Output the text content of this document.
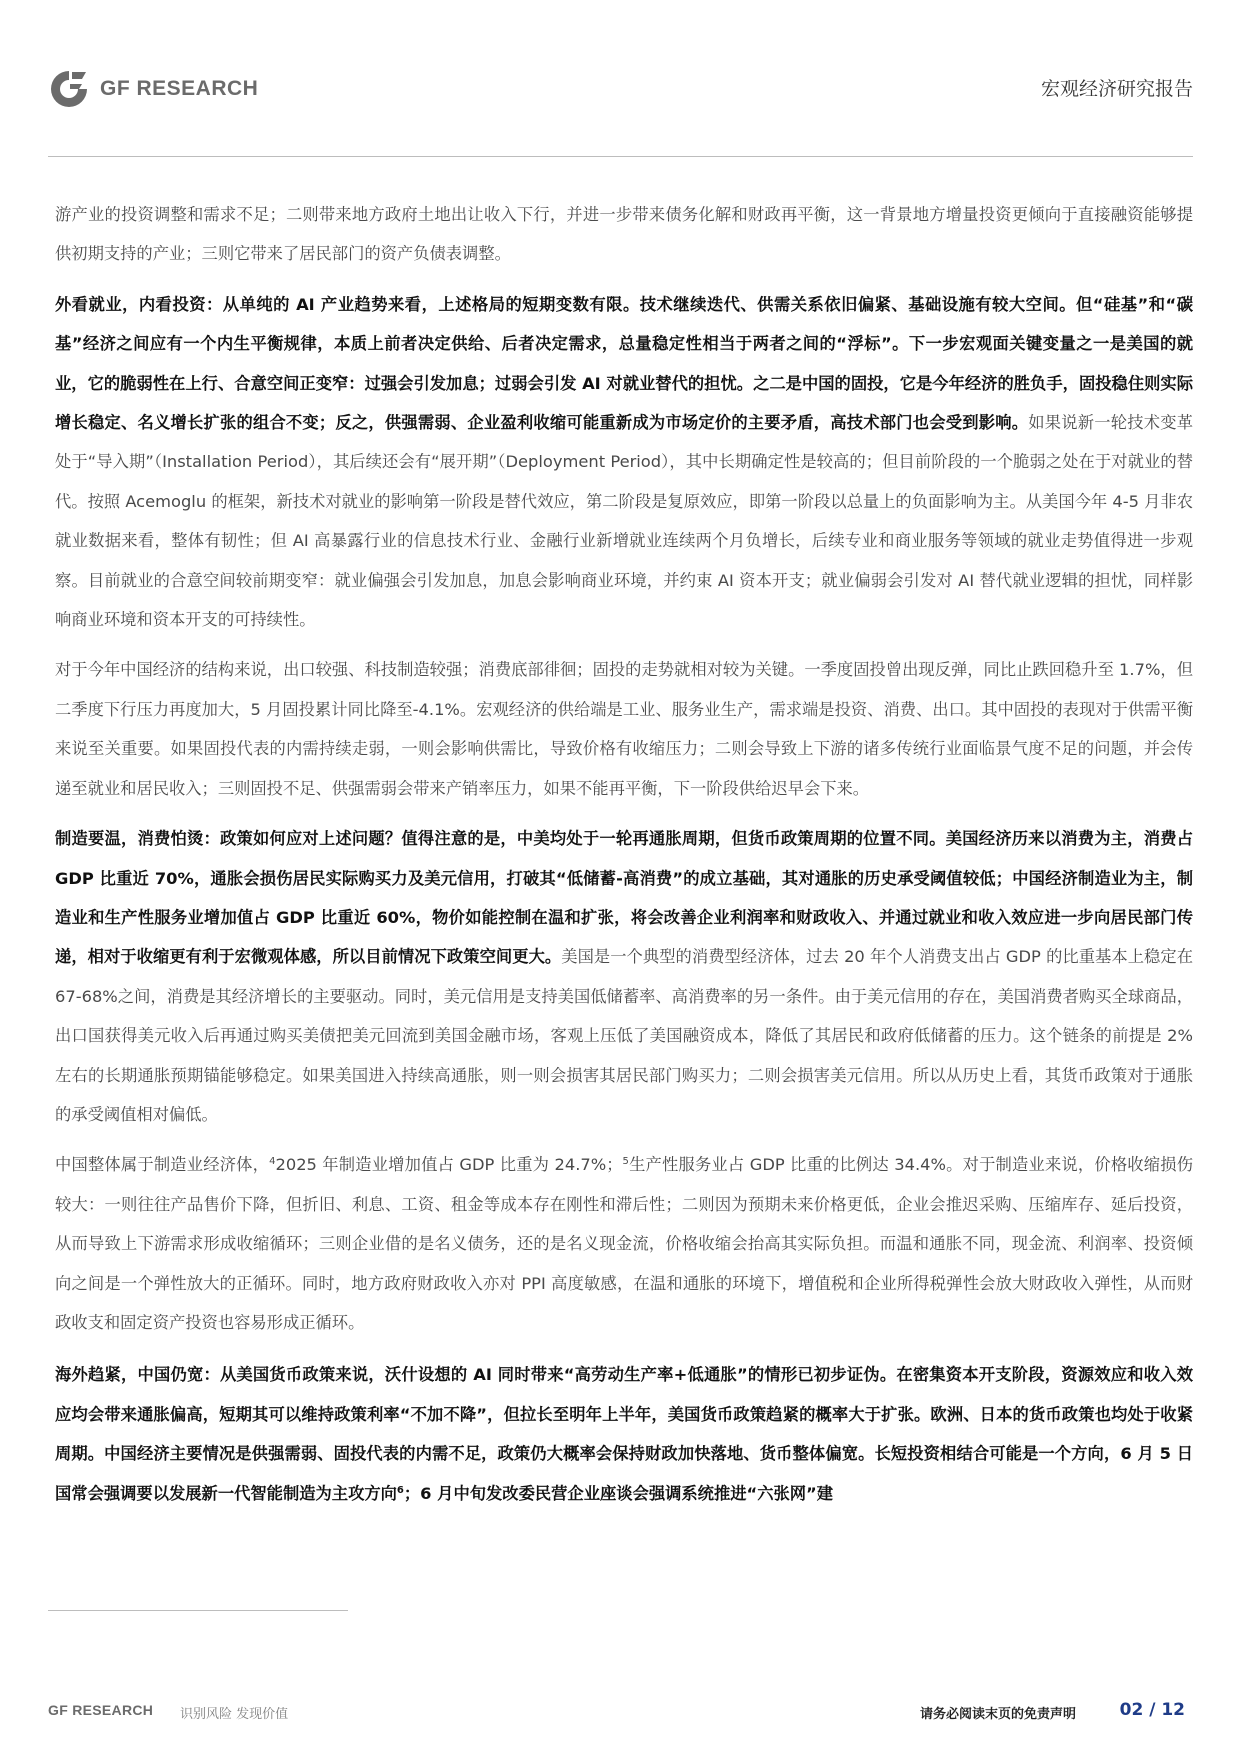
GF RESEARCH	宏观经济研究报告

游产业的投资调整和需求不足；二则带来地方政府土地出让收入下行，并进一步带来债务化解和财政再平衡，这一背景地方增量投资更倾向于直接融资能够提供初期支持的产业；三则它带来了居民部门的资产负债表调整。

外看就业，内看投资：从单纯的 AI 产业趋势来看，上述格局的短期变数有限。技术继续迭代、供需关系依旧偏紧、基础设施有较大空间。但“硅基”和“碳基”经济之间应有一个内生平衡规律，本质上前者决定供给、后者决定需求，总量稳定性相当于两者之间的“浮标”。下一步宏观面关键变量之一是美国的就业，它的脆弱性在上行、合意空间正变窄：过强会引发加息；过弱会引发 AI 对就业替代的担忧。之二是中国的固投，它是今年经济的胜负手，固投稳住则实际增长稳定、名义增长扩张的组合不变；反之，供强需弱、企业盈利收缩可能重新成为市场定价的主要矛盾，高技术部门也会受到影响。如果说新一轮技术变革处于“导入期”（Installation Period），其后续还会有“展开期”（Deployment Period），其中长期确定性是较高的；但目前阶段的一个脆弱之处在于对就业的替代。按照 Acemoglu 的框架，新技术对就业的影响第一阶段是替代效应，第二阶段是复原效应，即第一阶段以总量上的负面影响为主。从美国今年 4-5 月非农就业数据来看，整体有韧性；但 AI 高暴露行业的信息技术行业、金融行业新增就业连续两个月负增长，后续专业和商业服务等领域的就业走势值得进一步观察。目前就业的合意空间较前期变窄：就业偏强会引发加息，加息会影响商业环境，并约束 AI 资本开支；就业偏弱会引发对 AI 替代就业逻辑的担忧，同样影响商业环境和资本开支的可持续性。

对于今年中国经济的结构来说，出口较强、科技制造较强；消费底部徘徊；固投的走势就相对较为关键。一季度固投曾出现反弹，同比止跌回稳升至 1.7%，但二季度下行压力再度加大，5 月固投累计同比降至-4.1%。宏观经济的供给端是工业、服务业生产，需求端是投资、消费、出口。其中固投的表现对于供需平衡来说至关重要。如果固投代表的内需持续走弱，一则会影响供需比，导致价格有收缩压力；二则会导致上下游的诸多传统行业面临景气度不足的问题，并会传递至就业和居民收入；三则固投不足、供强需弱会带来产销率压力，如果不能再平衡，下一阶段供给迟早会下来。

制造要温，消费怕烫：政策如何应对上述问题？值得注意的是，中美均处于一轮再通胀周期，但货币政策周期的位置不同。美国经济历来以消费为主，消费占 GDP 比重近 70%，通胀会损伤居民实际购买力及美元信用，打破其“低储蓄-高消费”的成立基础，其对通胀的历史承受阈值较低；中国经济制造业为主，制造业和生产性服务业增加值占 GDP 比重近 60%，物价如能控制在温和扩张，将会改善企业利润率和财政收入、并通过就业和收入效应进一步向居民部门传递，相对于收缩更有利于宏微观体感，所以目前情况下政策空间更大。美国是一个典型的消费型经济体，过去 20 年个人消费支出占 GDP 的比重基本上稳定在 67-68%之间，消费是其经济增长的主要驱动。同时，美元信用是支持美国低储蓄率、高消费率的另一条件。由于美元信用的存在，美国消费者购买全球商品，出口国获得美元收入后再通过购买美债把美元回流到美国金融市场，客观上压低了美国融资成本，降低了其居民和政府低储蓄的压力。这个链条的前提是 2%左右的长期通胀预期锚能够稳定。如果美国进入持续高通胀，则一则会损害其居民部门购买力；二则会损害美元信用。所以从历史上看，其货币政策对于通胀的承受阈值相对偏低。

中国整体属于制造业经济体，$^4$2025 年制造业增加值占 GDP 比重为 24.7%；$^5$生产性服务业占 GDP 比重的比例达 34.4%。对于制造业来说，价格收缩损伤较大：一则往往产品售价下降，但折旧、利息、工资、租金等成本存在刚性和滞后性；二则因为预期未来价格更低，企业会推迟采购、压缩库存、延后投资，从而导致上下游需求形成收缩循环；三则企业借的是名义债务，还的是名义现金流，价格收缩会抬高其实际负担。而温和通胀不同，现金流、利润率、投资倾向之间是一个弹性放大的正循环。同时，地方政府财政收入亦对 PPI 高度敏感，在温和通胀的环境下，增值税和企业所得税弹性会放大财政收入弹性，从而财政收支和固定资产投资也容易形成正循环。

海外趋紧，中国仍宽：从美国货币政策来说，沃什设想的 AI 同时带来“高劳动生产率+低通胀”的情形已初步证伪。在密集资本开支阶段，资源效应和收入效应均会带来通胀偏高，短期其可以维持政策利率“不加不降”，但拉长至明年上半年，美国货币政策趋紧的概率大于扩张。欧洲、日本的货币政策也均处于收紧周期。中国经济主要情况是供强需弱、固投代表的内需不足，政策仍大概率会保持财政加快落地、货币整体偏宽。长短投资相结合可能是一个方向，6 月 5 日国常会强调要以发展新一代智能制造为主攻方向$^6$；6 月中旬发改委民营企业座谈会强调系统推进“六张网”建

GF RESEARCH 识别风险 发现价值	请务必阅读末页的免责声明	02 / 12
